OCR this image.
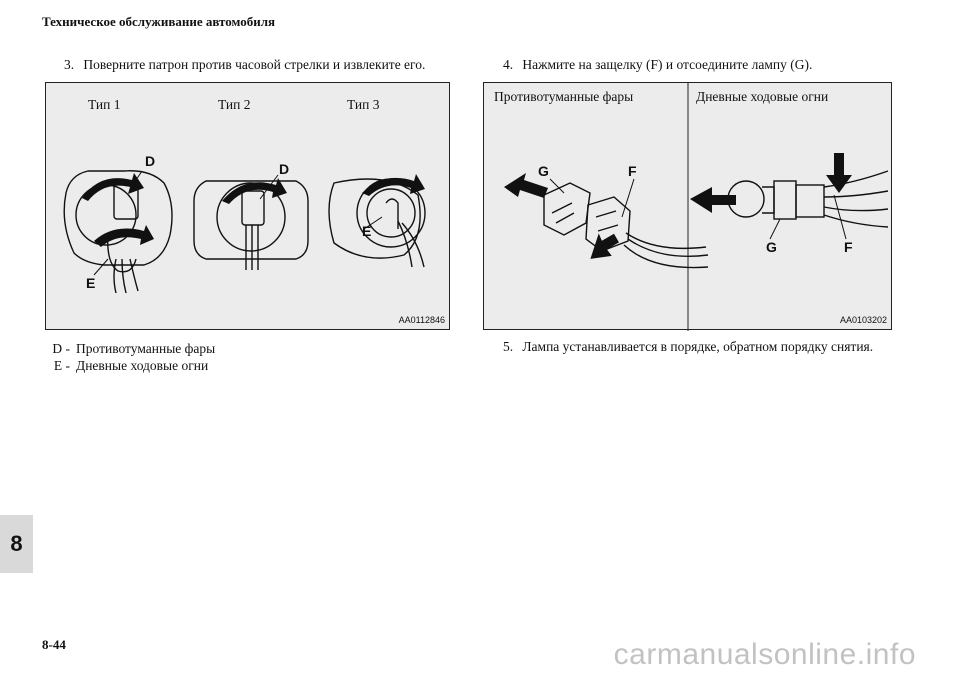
Техническое обслуживание автомобиля
3. Поверните патрон против часовой стрелки и извлеките его.	4. Нажмите на защелку (F) и отсоедините лампу (G).
Тип 1	Тип 2	Тип 3
D	D
E
E
AA0112846
Противотуманные фары	Дневные ходовые огни
G	F
G	F
AA0103202
D - Противотуманные фары
E - Дневные ходовые огни
5. Лампа устанавливается в порядке, обратном порядку снятия.
8
8-44	carmanualsonline.info
